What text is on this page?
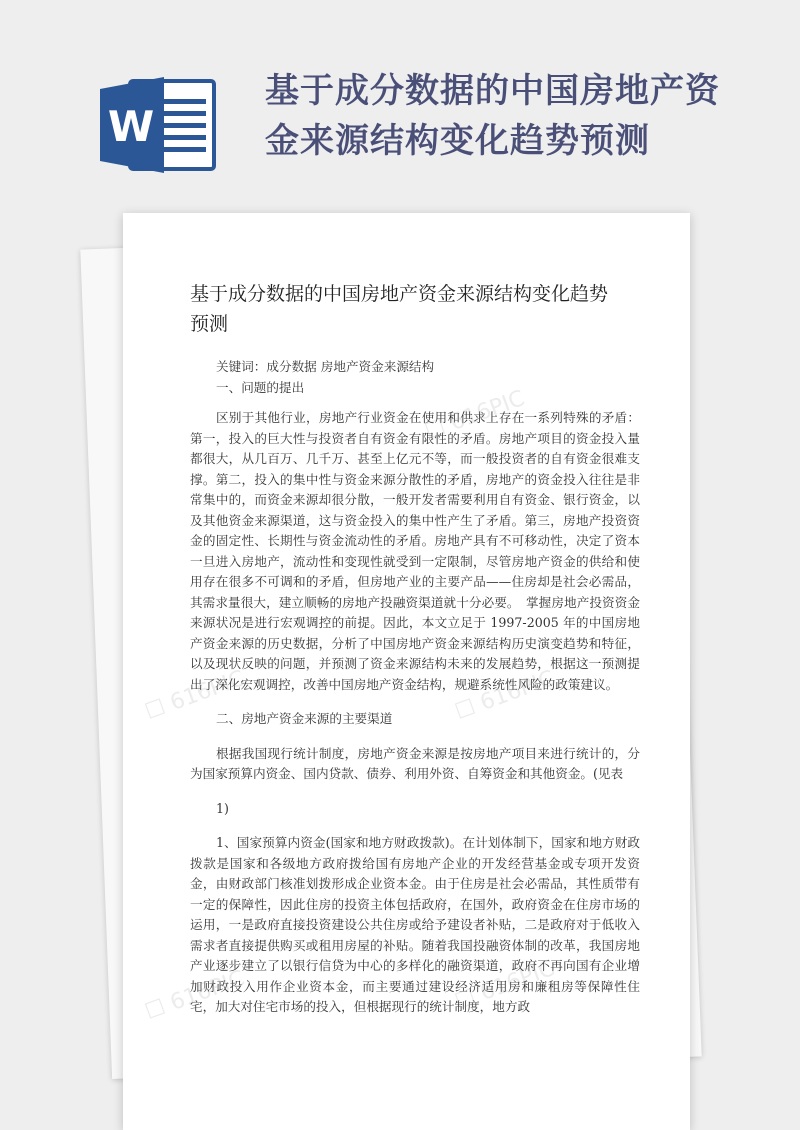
W
基于成分数据的中国房地产资
金来源结构变化趋势预测
基于成分数据的中国房地产资金来源结构变化趋势
预测

关键词：成分数据 房地产资金来源结构

一、问题的提出

区别于其他行业，房地产行业资金在使用和供求上存在一系列特殊的矛盾：第一，投入的巨大性与投资者自有资金有限性的矛盾。房地产项目的资金投入量都很大，从几百万、几千万、甚至上亿元不等，而一般投资者的自有资金很难支撑。第二，投入的集中性与资金来源分散性的矛盾，房地产的资金投入往往是非常集中的，而资金来源却很分散，一般开发者需要利用自有资金、银行资金，以及其他资金来源渠道，这与资金投入的集中性产生了矛盾。第三，房地产投资资金的固定性、长期性与资金流动性的矛盾。房地产具有不可移动性，决定了资本一旦进入房地产，流动性和变现性就受到一定限制，尽管房地产资金的供给和使用存在很多不可调和的矛盾，但房地产业的主要产品——住房却是社会必需品，其需求量很大，建立顺畅的房地产投融资渠道就十分必要。　掌握房地产投资资金来源状况是进行宏观调控的前提。因此，本文立足于 1997-2005 年的中国房地产资金来源的历史数据，分析了中国房地产资金来源结构历史演变趋势和特征，以及现状反映的问题，并预测了资金来源结构未来的发展趋势，根据这一预测提出了深化宏观调控，改善中国房地产资金结构，规避系统性风险的政策建议。

二、房地产资金来源的主要渠道

根据我国现行统计制度，房地产资金来源是按房地产项目来进行统计的，分为国家预算内资金、国内贷款、债券、利用外资、自筹资金和其他资金。(见表

1)

1、国家预算内资金(国家和地方财政拨款)。在计划体制下，国家和地方财政拨款是国家和各级地方政府拨给国有房地产企业的开发经营基金或专项开发资金，由财政部门核准划拨形成企业资本金。由于住房是社会必需品，其性质带有一定的保障性，因此住房的投资主体包括政府，在国外，政府资金在住房市场的运用，一是政府直接投资建设公共住房或给予建设者补贴，二是政府对于低收入需求者直接提供购买或租用房屋的补贴。随着我国投融资体制的改革，我国房地产业逐步建立了以银行信贷为中心的多样化的融资渠道，政府不再向国有企业增加财政投入用作企业资本金，而主要通过建设经济适用房和廉租房等保障性住宅，加大对住宅市场的投入，但根据现行的统计制度，地方政

☐ 616PIC
☐ 616PIC	☐ 616PIC
☐ 616PIC	☐ 616PIC
